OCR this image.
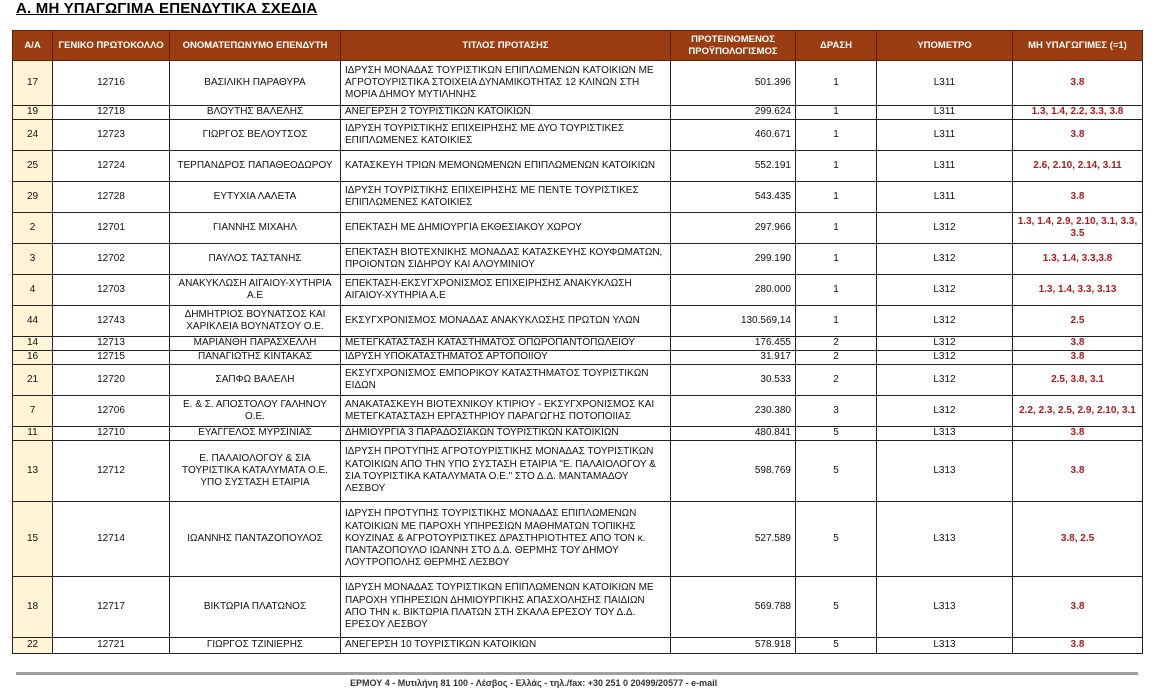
Α. ΜΗ ΥΠΑΓΩΓΙΜΑ ΕΠΕΝΔΥΤΙΚΑ ΣΧΕΔΙΑ
Α/Α	ΓΕΝΙΚΟ ΠΡΩΤΟΚΟΛΛΟ	ΟΝΟΜΑΤΕΠΩΝΥΜΟ ΕΠΕΝΔΥΤΗ	ΤΙΤΛΟΣ ΠΡΟΤΑΣΗΣ	ΠΡΟΤΕΙΝΟΜΕΝΟΣ ΠΡΟΫΠΟΛΟΓΙΣΜΟΣ	ΔΡΑΣΗ	ΥΠΟΜΕΤΡΟ	ΜΗ ΥΠΑΓΩΓΙΜΕΣ (=1)
17	12716	ΒΑΣΙΛΙΚΗ ΠΑΡΑΘΥΡΑ	ΙΔΡΥΣΗ ΜΟΝΑΔΑΣ ΤΟΥΡΙΣΤΙΚΩΝ ΕΠΙΠΛΩΜΕΝΩΝ ΚΑΤΟΙΚΙΩΝ ΜΕ ΑΓΡΟΤΟΥΡΙΣΤΙΚΑ ΣΤΟΙΧΕΙΑ ΔΥΝΑΜΙΚΟΤΗΤΑΣ 12 ΚΛΙΝΩΝ ΣΤΗ ΜΟΡΙΑ ΔΗΜΟΥ ΜΥΤΙΛΗΝΗΣ	501.396	1	L311	3.8
19	12718	ΒΛΟΥΤΗΣ ΒΑΛΕΛΗΣ	ΑΝΕΓΕΡΣΗ 2 ΤΟΥΡΙΣΤΙΚΩΝ ΚΑΤΟΙΚΙΩΝ	299.624	1	L311	1.3, 1.4, 2.2, 3.3, 3.8
24	12723	ΓΙΩΡΓΟΣ ΒΕΛΟΥΤΣΟΣ	ΙΔΡΥΣΗ ΤΟΥΡΙΣΤΙΚΗΣ ΕΠΙΧΕΙΡΗΣΗΣ ΜΕ ΔΥΟ ΤΟΥΡΙΣΤΙΚΕΣ ΕΠΙΠΛΩΜΕΝΕΣ ΚΑΤΟΙΚΙΕΣ	460.671	1	L311	3.8
25	12724	ΤΕΡΠΑΝΔΡΟΣ ΠΑΠΑΘΕΟΔΩΡΟΥ	ΚΑΤΑΣΚΕΥΗ ΤΡΙΩΝ ΜΕΜΟΝΩΜΕΝΩΝ ΕΠΙΠΛΩΜΕΝΩΝ ΚΑΤΟΙΚΙΩΝ	552.191	1	L311	2.6, 2.10, 2.14, 3.11
29	12728	ΕΥΤΥΧΙΑ ΛΑΛΕΤΑ	ΙΔΡΥΣΗ ΤΟΥΡΙΣΤΙΚΗΣ ΕΠΙΧΕΙΡΗΣΗΣ ΜΕ ΠΕΝΤΕ ΤΟΥΡΙΣΤΙΚΕΣ ΕΠΙΠΛΩΜΕΝΕΣ ΚΑΤΟΙΚΙΕΣ	543.435	1	L311	3.8
2	12701	ΓΙΑΝΝΗΣ ΜΙΧΑΗΛ	ΕΠΕΚΤΑΣΗ ΜΕ ΔΗΜΙΟΥΡΓΙΑ ΕΚΘΕΣΙΑΚΟΥ ΧΩΡΟΥ	297.966	1	L312	1.3, 1.4, 2.9, 2.10, 3.1, 3.3, 3.5
3	12702	ΠΑΥΛΟΣ ΤΑΣΤΑΝΗΣ	ΕΠΕΚΤΑΣΗ ΒΙΟΤΕΧΝΙΚΗΣ ΜΟΝΑΔΑΣ ΚΑΤΑΣΚΕΥΗΣ ΚΟΥΦΩΜΑΤΩΝ, ΠΡΟΙΟΝΤΩΝ ΣΙΔΗΡΟΥ ΚΑΙ ΑΛΟΥΜΙΝΙΟΥ	299.190	1	L312	1.3, 1.4, 3.3,3.8
4	12703	ΑΝΑΚΥΚΛΩΣΗ ΑΙΓΑΙΟΥ-ΧΥΤΗΡΙΑ Α.Ε	ΕΠΕΚΤΑΣΗ-ΕΚΣΥΓΧΡΟΝΙΣΜΟΣ ΕΠΙΧΕΙΡΗΣΗΣ ΑΝΑΚΥΚΛΩΣΗ ΑΙΓΑΙΟΥ-ΧΥΤΗΡΙΑ Α.Ε	280.000	1	L312	1.3, 1.4, 3.3, 3.13
44	12743	ΔΗΜΗΤΡΙΟΣ ΒΟΥΝΑΤΣΟΣ ΚΑΙ ΧΑΡΙΚΛΕΙΑ ΒΟΥΝΑΤΣΟΥ Ο.Ε.	ΕΚΣΥΓΧΡΟΝΙΣΜΟΣ ΜΟΝΑΔΑΣ ΑΝΑΚΥΚΛΩΣΗΣ ΠΡΩΤΩΝ ΥΛΩΝ	130.569,14	1	L312	2.5
14	12713	ΜΑΡΙΑΝΘΗ ΠΑΡΑΣΧΕΛΛΗ	ΜΕΤΕΓΚΑΤΑΣΤΑΣΗ ΚΑΤΑΣΤΗΜΑΤΟΣ ΟΠΩΡΟΠΑΝΤΟΠΩΛΕΙΟΥ	176.455	2	L312	3.8
16	12715	ΠΑΝΑΓΙΩΤΗΣ ΚΙΝΤΑΚΑΣ	ΙΔΡΥΣΗ ΥΠΟΚΑΤΑΣΤΗΜΑΤΟΣ ΑΡΤΟΠΟΙΙΟΥ	31.917	2	L312	3.8
21	12720	ΣΑΠΦΩ ΒΑΛΕΛΗ	ΕΚΣΥΓΧΡΟΝΙΣΜΟΣ ΕΜΠΟΡΙΚΟΥ ΚΑΤΑΣΤΗΜΑΤΟΣ ΤΟΥΡΙΣΤΙΚΩΝ ΕΙΔΩΝ	30.533	2	L312	2.5, 3.8, 3.1
7	12706	Ε. & Σ. ΑΠΟΣΤΟΛΟΥ ΓΑΛΗΝΟΥ Ο.Ε.	ΑΝΑΚΑΤΑΣΚΕΥΗ ΒΙΟΤΕΧΝΙΚΟΥ ΚΤΙΡΙΟΥ - ΕΚΣΥΓΧΡΟΝΙΣΜΟΣ ΚΑΙ ΜΕΤΕΓΚΑΤΑΣΤΑΣΗ ΕΡΓΑΣΤΗΡΙΟΥ ΠΑΡΑΓΩΓΗΣ ΠΟΤΟΠΟΙΙΑΣ	230.380	3	L312	2.2, 2.3, 2.5, 2.9, 2.10, 3.1
11	12710	ΕΥΑΓΓΕΛΟΣ ΜΥΡΣΙΝΙΑΣ	ΔΗΜΙΟΥΡΓΙΑ 3 ΠΑΡΑΔΟΣΙΑΚΩΝ ΤΟΥΡΙΣΤΙΚΩΝ ΚΑΤΟΙΚΙΩΝ	480.841	5	L313	3.8
13	12712	Ε. ΠΑΛΑΙΟΛΟΓΟΥ & ΣΙΑ ΤΟΥΡΙΣΤΙΚΑ ΚΑΤΑΛΥΜΑΤΑ Ο.Ε. ΥΠΟ ΣΥΣΤΑΣΗ ΕΤΑΙΡΙΑ	ΙΔΡΥΣΗ ΠΡΟΤΥΠΗΣ ΑΓΡΟΤΟΥΡΙΣΤΙΚΗΣ ΜΟΝΑΔΑΣ ΤΟΥΡΙΣΤΙΚΩΝ ΚΑΤΟΙΚΙΩΝ ΑΠΟ ΤΗΝ ΥΠΟ ΣΥΣΤΑΣΗ ΕΤΑΙΡΙΑ "Ε. ΠΑΛΑΙΟΛΟΓΟΥ & ΣΙΑ ΤΟΥΡΙΣΤΙΚΑ ΚΑΤΑΛΥΜΑΤΑ Ο.Ε." ΣΤΟ Δ.Δ. ΜΑΝΤΑΜΑΔΟΥ ΛΕΣΒΟΥ	598.769	5	L313	3.8
15	12714	ΙΩΑΝΝΗΣ ΠΑΝΤΑΖΟΠΟΥΛΟΣ	ΙΔΡΥΣΗ ΠΡΟΤΥΠΗΣ ΤΟΥΡΙΣΤΙΚΗΣ ΜΟΝΑΔΑΣ ΕΠΙΠΛΩΜΕΝΩΝ ΚΑΤΟΙΚΙΩΝ ΜΕ ΠΑΡΟΧΗ ΥΠΗΡΕΣΙΩΝ ΜΑΘΗΜΑΤΩΝ ΤΟΠΙΚΗΣ ΚΟΥΖΙΝΑΣ & ΑΓΡΟΤΟΥΡΙΣΤΙΚΕΣ ΔΡΑΣΤΗΡΙΟΤΗΤΕΣ ΑΠΟ ΤΟΝ κ. ΠΑΝΤΑΖΟΠΟΥΛΟ ΙΩΑΝΝΗ ΣΤΟ Δ.Δ. ΘΕΡΜΗΣ ΤΟΥ ΔΗΜΟΥ ΛΟΥΤΡΟΠΟΛΗΣ ΘΕΡΜΗΣ ΛΕΣΒΟΥ	527.589	5	L313	3.8, 2.5
18	12717	ΒΙΚΤΩΡΙΑ ΠΛΑΤΩΝΟΣ	ΙΔΡΥΣΗ ΜΟΝΑΔΑΣ ΤΟΥΡΙΣΤΙΚΩΝ ΕΠΙΠΛΩΜΕΝΩΝ ΚΑΤΟΙΚΙΩΝ ΜΕ ΠΑΡΟΧΗ ΥΠΗΡΕΣΙΩΝ ΔΗΜΙΟΥΡΓΙΚΗΣ ΑΠΑΣΧΟΛΗΣΗΣ ΠΑΙΔΙΩΝ ΑΠΟ ΤΗΝ κ. ΒΙΚΤΩΡΙΑ ΠΛΑΤΩΝ ΣΤΗ ΣΚΑΛΑ ΕΡΕΣΟΥ ΤΟΥ Δ.Δ. ΕΡΕΣΟΥ ΛΕΣΒΟΥ	569.788	5	L313	3.8
22	12721	ΓΙΩΡΓΟΣ ΤΖΙΝΙΕΡΗΣ	ΑΝΕΓΕΡΣΗ 10 ΤΟΥΡΙΣΤΙΚΩΝ ΚΑΤΟΙΚΙΩΝ	578.918	5	L313	3.8
ΕΡΜΟΥ 4 - Μυτιλήνη 81 100 - Λέσβος - Ελλάς - τηλ./fax: +30 251 0 20499/20577 - e-mail
